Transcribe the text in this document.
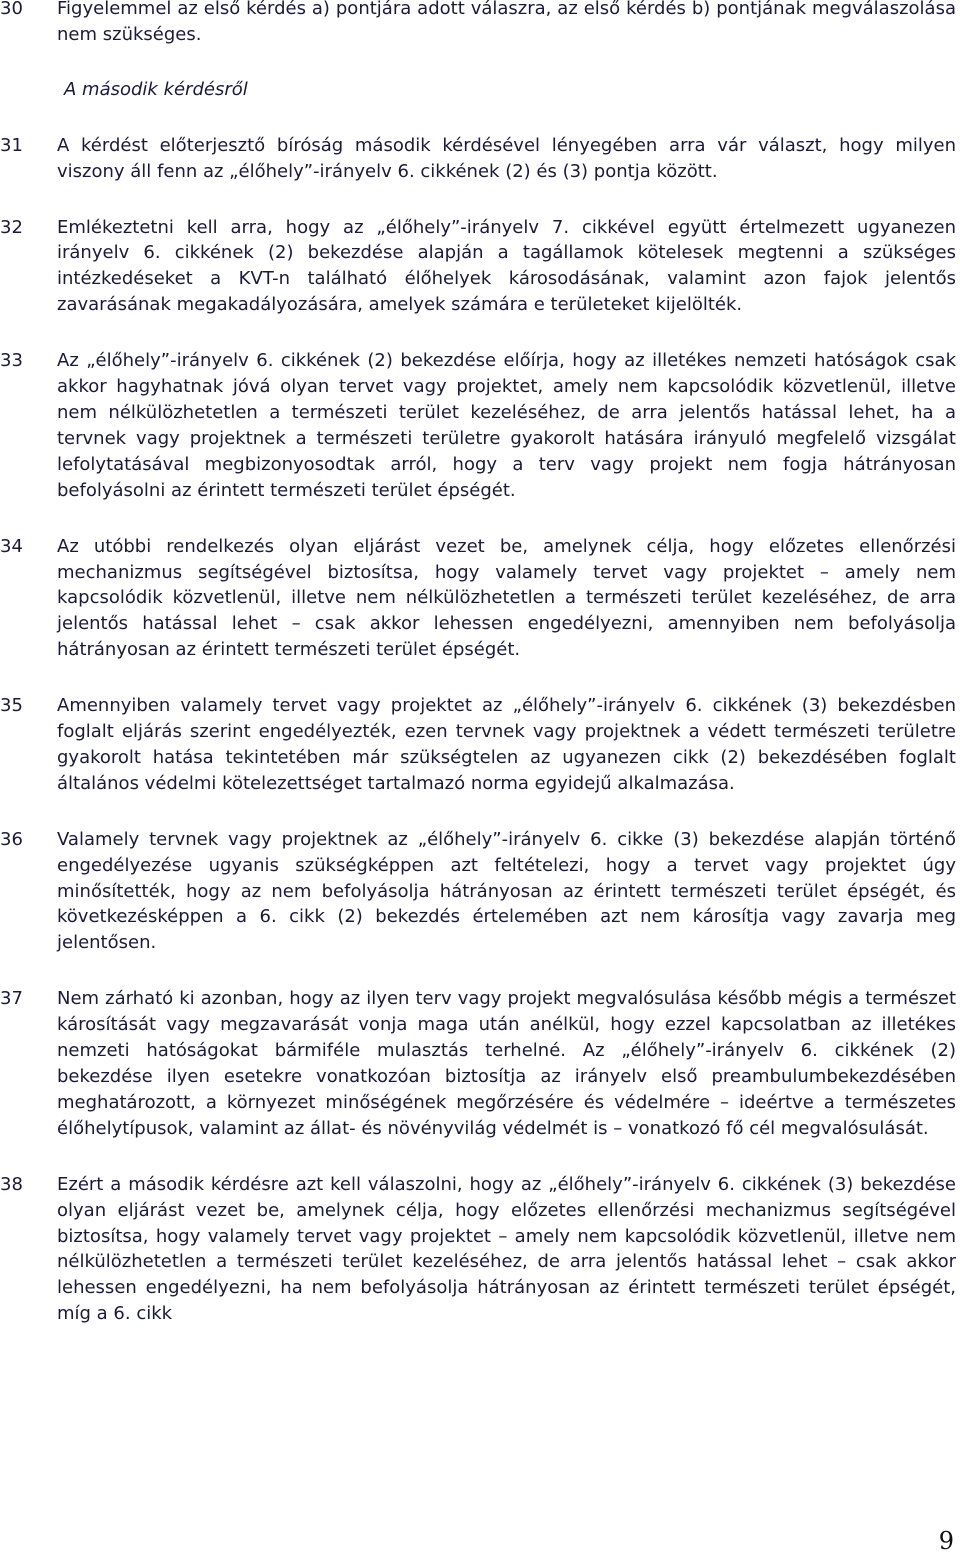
30	Figyelemmel az első kérdés a) pontjára adott válaszra, az első kérdés b) pontjának megválaszolása nem szükséges.
A második kérdésről
31	A kérdést előterjesztő bíróság második kérdésével lényegében arra vár választ, hogy milyen viszony áll fenn az „élőhely”-irányelv 6. cikkének (2) és (3) pontja között.
32	Emlékeztetni kell arra, hogy az „élőhely”-irányelv 7. cikkével együtt értelmezett ugyanezen irányelv 6. cikkének (2) bekezdése alapján a tagállamok kötelesek megtenni a szükséges intézkedéseket a KVT-n található élőhelyek károsodásának, valamint azon fajok jelentős zavarásának megakadályozására, amelyek számára e területeket kijelölték.
33	Az „élőhely”-irányelv 6. cikkének (2) bekezdése előírja, hogy az illetékes nemzeti hatóságok csak akkor hagyhatnak jóvá olyan tervet vagy projektet, amely nem kapcsolódik közvetlenül, illetve nem nélkülözhetetlen a természeti terület kezeléséhez, de arra jelentős hatással lehet, ha a tervnek vagy projektnek a természeti területre gyakorolt hatására irányuló megfelelő vizsgálat lefolytatásával megbizonyosodtak arról, hogy a terv vagy projekt nem fogja hátrányosan befolyásolni az érintett természeti terület épségét.
34	Az utóbbi rendelkezés olyan eljárást vezet be, amelynek célja, hogy előzetes ellenőrzési mechanizmus segítségével biztosítsa, hogy valamely tervet vagy projektet – amely nem kapcsolódik közvetlenül, illetve nem nélkülözhetetlen a természeti terület kezeléséhez, de arra jelentős hatással lehet – csak akkor lehessen engedélyezni, amennyiben nem befolyásolja hátrányosan az érintett természeti terület épségét.
35	Amennyiben valamely tervet vagy projektet az „élőhely”-irányelv 6. cikkének (3) bekezdésben foglalt eljárás szerint engedélyezték, ezen tervnek vagy projektnek a védett természeti területre gyakorolt hatása tekintetében már szükségtelen az ugyanezen cikk (2) bekezdésében foglalt általános védelmi kötelezettséget tartalmazó norma egyidejű alkalmazása.
36	Valamely tervnek vagy projektnek az „élőhely”-irányelv 6. cikke (3) bekezdése alapján történő engedélyezése ugyanis szükségképpen azt feltételezi, hogy a tervet vagy projektet úgy minősítették, hogy az nem befolyásolja hátrányosan az érintett természeti terület épségét, és következésképpen a 6. cikk (2) bekezdés értelemében azt nem károsítja vagy zavarja meg jelentősen.
37	Nem zárható ki azonban, hogy az ilyen terv vagy projekt megvalósulása később mégis a természet károsítását vagy megzavarását vonja maga után anélkül, hogy ezzel kapcsolatban az illetékes nemzeti hatóságokat bármiféle mulasztás terhelné. Az „élőhely”-irányelv 6. cikkének (2) bekezdése ilyen esetekre vonatkozóan biztosítja az irányelv első preambulumbekezdésében meghatározott, a környezet minőségének megőrzésére és védelmére – ideértve a természetes élőhelytípusok, valamint az állat- és növényvilág védelmét is – vonatkozó fő cél megvalósulását.
38	Ezért a második kérdésre azt kell válaszolni, hogy az „élőhely”-irányelv 6. cikkének (3) bekezdése olyan eljárást vezet be, amelynek célja, hogy előzetes ellenőrzési mechanizmus segítségével biztosítsa, hogy valamely tervet vagy projektet – amely nem kapcsolódik közvetlenül, illetve nem nélkülözhetetlen a természeti terület kezeléséhez, de arra jelentős hatással lehet – csak akkor lehessen engedélyezni, ha nem befolyásolja hátrányosan az érintett természeti terület épségét, míg a 6. cikk
9
